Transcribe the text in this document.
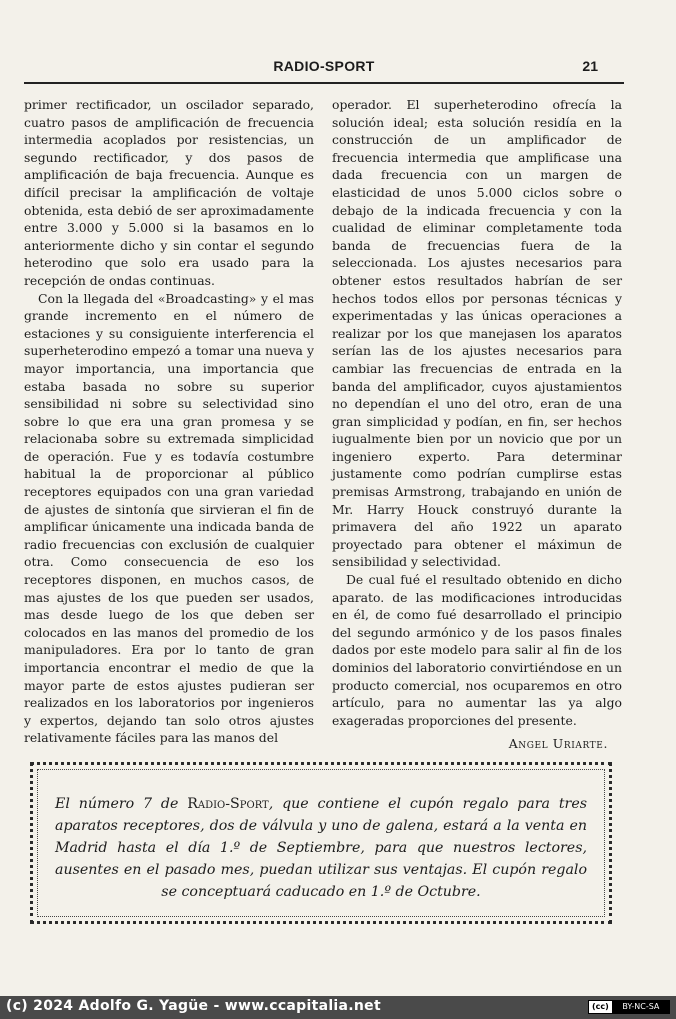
RADIO-SPORT	21

primer rectificador, un oscilador separado, cuatro pasos de amplificación de frecuencia intermedia acoplados por resistencias, un segundo rectificador, y dos pasos de amplificación de baja frecuencia. Aunque es difícil precisar la amplificación de voltaje obtenida, esta debió de ser aproximadamente entre 3.000 y 5.000 si la basamos en lo anteriormente dicho y sin contar el segundo heterodino que solo era usado para la recepción de ondas continuas.

Con la llegada del «Broadcasting» y el mas grande incremento en el número de estaciones y su consiguiente interferencia el superheterodino empezó a tomar una nueva y mayor importancia, una importancia que estaba basada no sobre su superior sensibilidad ni sobre su selectividad sino sobre lo que era una gran promesa y se relacionaba sobre su extremada simplicidad de operación. Fue y es todavía costumbre habitual la de proporcionar al público receptores equipados con una gran variedad de ajustes de sintonía que sirvieran el fin de amplificar únicamente una indicada banda de radio frecuencias con exclusión de cualquier otra. Como consecuencia de eso los receptores disponen, en muchos casos, de mas ajustes de los que pueden ser usados, mas desde luego de los que deben ser colocados en las manos del promedio de los manipuladores. Era por lo tanto de gran importancia encontrar el medio de que la mayor parte de estos ajustes pudieran ser realizados en los laboratorios por ingenieros y expertos, dejando tan solo otros ajustes relativamente fáciles para las manos del

operador. El superheterodino ofrecía la solución ideal; esta solución residía en la construcción de un amplificador de frecuencia intermedia que amplificase una dada frecuencia con un margen de elasticidad de unos 5.000 ciclos sobre o debajo de la indicada frecuencia y con la cualidad de eliminar completamente toda banda de frecuencias fuera de la seleccionada. Los ajustes necesarios para obtener estos resultados habrían de ser hechos todos ellos por personas técnicas y experimentadas y las únicas operaciones a realizar por los que manejasen los aparatos serían las de los ajustes necesarios para cambiar las frecuencias de entrada en la banda del amplificador, cuyos ajustamientos no dependían el uno del otro, eran de una gran simplicidad y podían, en fin, ser hechos iugualmente bien por un novicio que por un ingeniero experto. Para determinar justamente como podrían cumplirse estas premisas Armstrong, trabajando en unión de Mr. Harry Houck construyó durante la primavera del año 1922 un aparato proyectado para obtener el máximun de sensibilidad y selectividad.

De cual fué el resultado obtenido en dicho aparato. de las modificaciones introducidas en él, de como fué desarrollado el principio del segundo armónico y de los pasos finales dados por este modelo para salir al fin de los dominios del laboratorio convirtiéndose en un producto comercial, nos ocuparemos en otro artículo, para no aumentar las ya algo exageradas proporciones del presente.

Angel Uriarte.

El número 7 de Radio-Sport, que contiene el cupón regalo para tres aparatos receptores, dos de válvula y uno de galena, estará a la venta en Madrid hasta el día 1.º de Septiembre, para que nuestros lectores, ausentes en el pasado mes, puedan utilizar sus ventajas. El cupón regalo se conceptuará caducado en 1.º de Octubre.
(c) 2024 Adolfo G. Yagüe - www.ccapitalia.net	(cc)	BY-NC-SA
